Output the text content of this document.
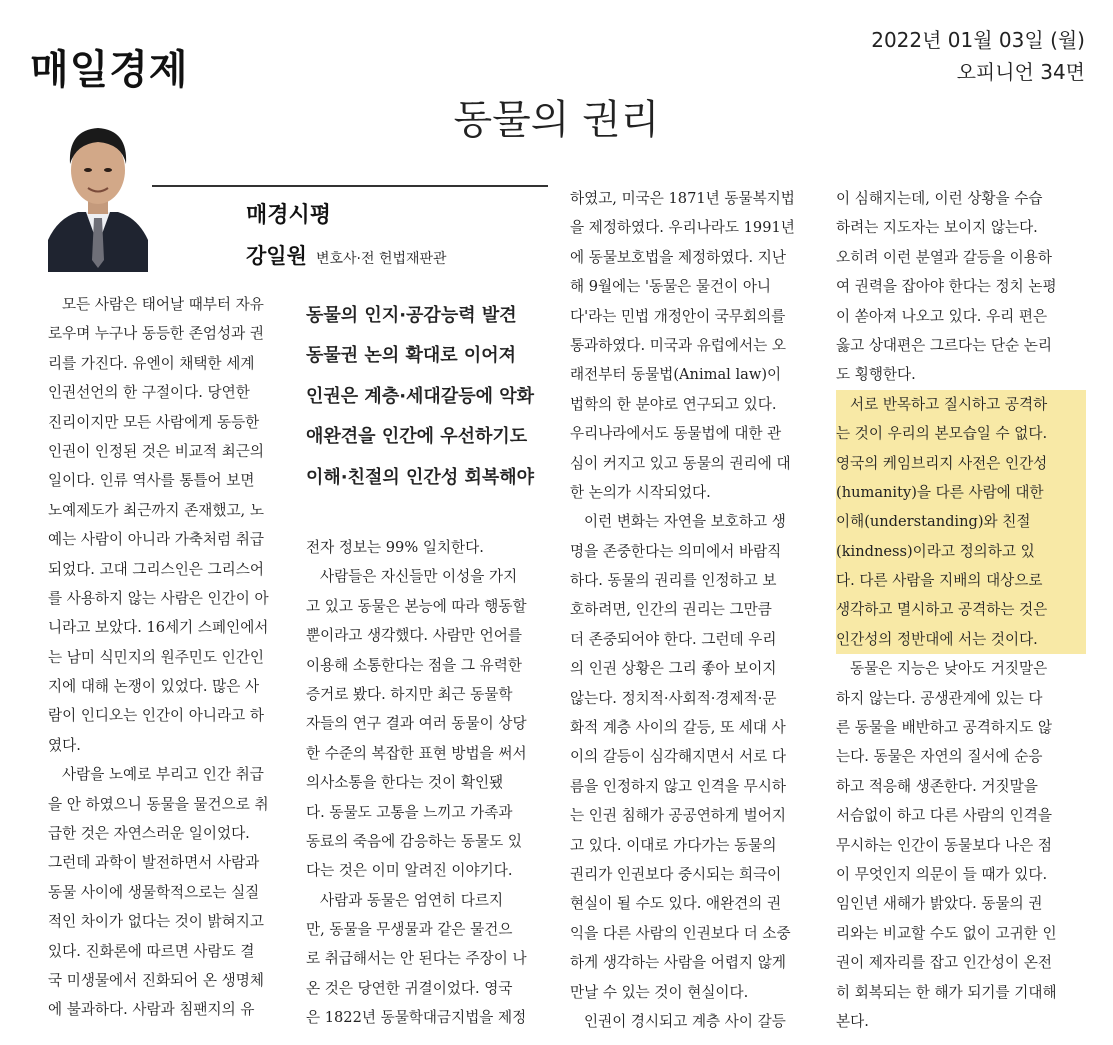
매일경제
2022년 01월 03일 (월)
오피니언 34면
동물의 권리
매경시평
강일원 변호사·전 헌법재판관
동물의 인지·공감능력 발견
동물권 논의 확대로 이어져
인권은 계층·세대갈등에 악화
애완견을 인간에 우선하기도
이해·친절의 인간성 회복해야
모든 사람은 태어날 때부터 자유
로우며 누구나 동등한 존엄성과 권
리를 가진다. 유엔이 채택한 세계
인권선언의 한 구절이다. 당연한
진리이지만 모든 사람에게 동등한
인권이 인정된 것은 비교적 최근의
일이다. 인류 역사를 통틀어 보면
노예제도가 최근까지 존재했고, 노
예는 사람이 아니라 가축처럼 취급
되었다. 고대 그리스인은 그리스어
를 사용하지 않는 사람은 인간이 아
니라고 보았다. 16세기 스페인에서
는 남미 식민지의 원주민도 인간인
지에 대해 논쟁이 있었다. 많은 사
람이 인디오는 인간이 아니라고 하
였다.
사람을 노예로 부리고 인간 취급
을 안 하였으니 동물을 물건으로 취
급한 것은 자연스러운 일이었다.
그런데 과학이 발전하면서 사람과
동물 사이에 생물학적으로는 실질
적인 차이가 없다는 것이 밝혀지고
있다. 진화론에 따르면 사람도 결
국 미생물에서 진화되어 온 생명체
에 불과하다. 사람과 침팬지의 유
전자 정보는 99% 일치한다.
사람들은 자신들만 이성을 가지
고 있고 동물은 본능에 따라 행동할
뿐이라고 생각했다. 사람만 언어를
이용해 소통한다는 점을 그 유력한
증거로 봤다. 하지만 최근 동물학
자들의 연구 결과 여러 동물이 상당
한 수준의 복잡한 표현 방법을 써서
의사소통을 한다는 것이 확인됐
다. 동물도 고통을 느끼고 가족과
동료의 죽음에 감응하는 동물도 있
다는 것은 이미 알려진 이야기다.
사람과 동물은 엄연히 다르지
만, 동물을 무생물과 같은 물건으
로 취급해서는 안 된다는 주장이 나
온 것은 당연한 귀결이었다. 영국
은 1822년 동물학대금지법을 제정
하였고, 미국은 1871년 동물복지법
을 제정하였다. 우리나라도 1991년
에 동물보호법을 제정하였다. 지난
해 9월에는 '동물은 물건이 아니
다'라는 민법 개정안이 국무회의를
통과하였다. 미국과 유럽에서는 오
래전부터 동물법(Animal law)이
법학의 한 분야로 연구되고 있다.
우리나라에서도 동물법에 대한 관
심이 커지고 있고 동물의 권리에 대
한 논의가 시작되었다.
이런 변화는 자연을 보호하고 생
명을 존중한다는 의미에서 바람직
하다. 동물의 권리를 인정하고 보
호하려면, 인간의 권리는 그만큼
더 존중되어야 한다. 그런데 우리
의 인권 상황은 그리 좋아 보이지
않는다. 정치적·사회적·경제적·문
화적 계층 사이의 갈등, 또 세대 사
이의 갈등이 심각해지면서 서로 다
름을 인정하지 않고 인격을 무시하
는 인권 침해가 공공연하게 벌어지
고 있다. 이대로 가다가는 동물의
권리가 인권보다 중시되는 희극이
현실이 될 수도 있다. 애완견의 권
익을 다른 사람의 인권보다 더 소중
하게 생각하는 사람을 어렵지 않게
만날 수 있는 것이 현실이다.
인권이 경시되고 계층 사이 갈등
이 심해지는데, 이런 상황을 수습
하려는 지도자는 보이지 않는다.
오히려 이런 분열과 갈등을 이용하
여 권력을 잡아야 한다는 정치 논평
이 쏟아져 나오고 있다. 우리 편은
옳고 상대편은 그르다는 단순 논리
도 횡행한다.
서로 반목하고 질시하고 공격하
는 것이 우리의 본모습일 수 없다.
영국의 케임브리지 사전은 인간성
(humanity)을 다른 사람에 대한
이해(understanding)와 친절
(kindness)이라고 정의하고 있
다. 다른 사람을 지배의 대상으로
생각하고 멸시하고 공격하는 것은
인간성의 정반대에 서는 것이다.
동물은 지능은 낮아도 거짓말은
하지 않는다. 공생관계에 있는 다
른 동물을 배반하고 공격하지도 않
는다. 동물은 자연의 질서에 순응
하고 적응해 생존한다. 거짓말을
서슴없이 하고 다른 사람의 인격을
무시하는 인간이 동물보다 나은 점
이 무엇인지 의문이 들 때가 있다.
임인년 새해가 밝았다. 동물의 권
리와는 비교할 수도 없이 고귀한 인
권이 제자리를 잡고 인간성이 온전
히 회복되는 한 해가 되기를 기대해
본다.
